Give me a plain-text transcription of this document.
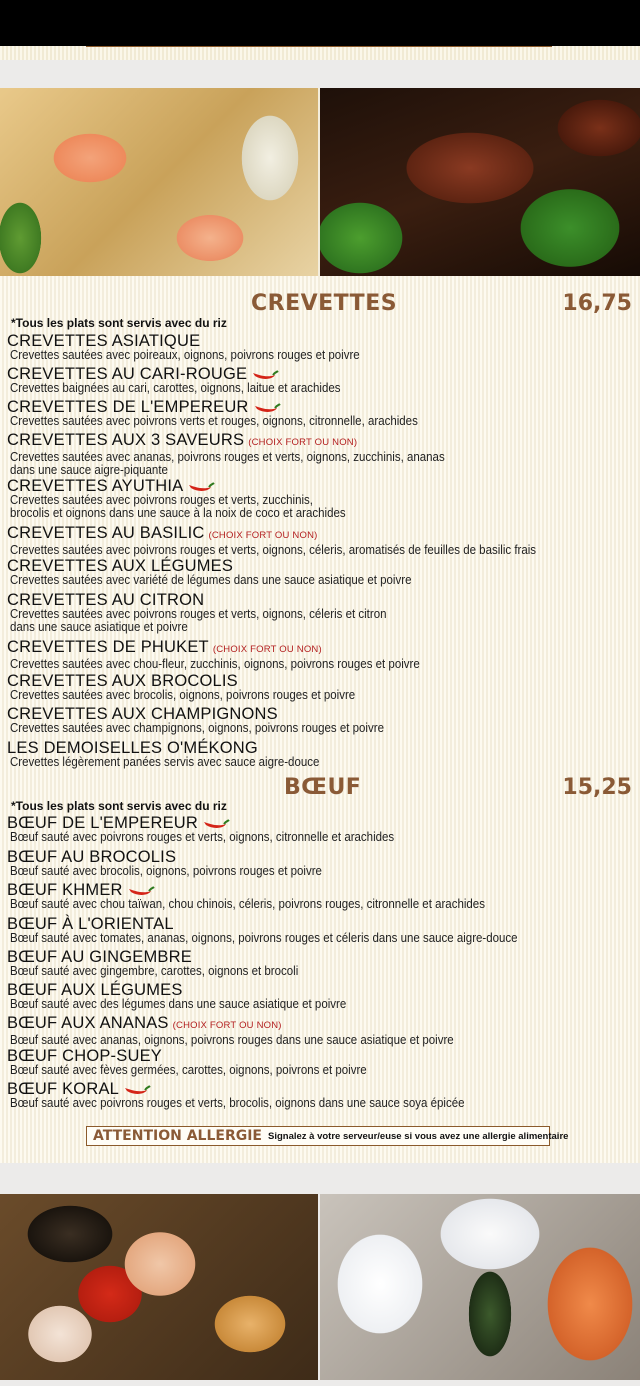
CREVETTES	16,75
*Tous les plats sont servis avec du riz
CREVETTES ASIATIQUE
Crevettes sautées avec poireaux, oignons, poivrons rouges et poivre
CREVETTES AU CARI-ROUGE
Crevettes baignées au cari, carottes, oignons, laitue et arachides
CREVETTES DE L'EMPEREUR
Crevettes sautées avec poivrons verts et rouges, oignons, citronnelle, arachides
CREVETTES AUX 3 SAVEURS (CHOIX FORT OU NON)
Crevettes sautées avec ananas, poivrons rouges et verts, oignons, zucchinis, ananas
dans une sauce aigre-piquante
CREVETTES AYUTHIA
Crevettes sautées avec poivrons rouges et verts, zucchinis,
brocolis et oignons dans une sauce à la noix de coco et arachides
CREVETTES AU BASILIC (CHOIX FORT OU NON)
Crevettes sautées avec poivrons rouges et verts, oignons, céleris, aromatisés de feuilles de basilic frais
CREVETTES AUX LÉGUMES
Crevettes sautées avec variété de légumes dans une sauce asiatique et poivre
CREVETTES AU CITRON
Crevettes sautées avec poivrons rouges et verts, oignons, céleris et citron
dans une sauce asiatique et poivre
CREVETTES DE PHUKET (CHOIX FORT OU NON)
Crevettes sautées avec chou-fleur, zucchinis, oignons, poivrons rouges et poivre
CREVETTES AUX BROCOLIS
Crevettes sautées avec brocolis, oignons, poivrons rouges et poivre
CREVETTES AUX CHAMPIGNONS
Crevettes sautées avec champignons, oignons, poivrons rouges et poivre
LES DEMOISELLES O'MÉKONG
Crevettes légèrement panées servis avec sauce aigre-douce
BŒUF	15,25
*Tous les plats sont servis avec du riz
BŒUF DE L'EMPEREUR
Bœuf sauté avec poivrons rouges et verts, oignons, citronnelle et arachides
BŒUF AU BROCOLIS
Bœuf sauté avec brocolis, oignons, poivrons rouges et poivre
BŒUF KHMER
Bœuf sauté avec chou taïwan, chou chinois, céleris, poivrons rouges, citronnelle et arachides
BŒUF À L'ORIENTAL
Bœuf sauté avec tomates, ananas, oignons, poivrons rouges et céleris dans une sauce aigre-douce
BŒUF AU GINGEMBRE
Bœuf sauté avec gingembre, carottes, oignons et brocoli
BŒUF AUX LÉGUMES
Bœuf sauté avec des légumes dans une sauce asiatique et poivre
BŒUF AUX ANANAS (CHOIX FORT OU NON)
Bœuf sauté avec ananas, oignons, poivrons rouges dans une sauce asiatique et poivre
BŒUF CHOP-SUEY
Bœuf sauté avec fèves germées, carottes, oignons, poivrons et poivre
BŒUF KORAL
Bœuf sauté avec poivrons rouges et verts, brocolis, oignons dans une sauce soya épicée
ATTENTION ALLERGIE Signalez à votre serveur/euse si vous avez une allergie alimentaire
